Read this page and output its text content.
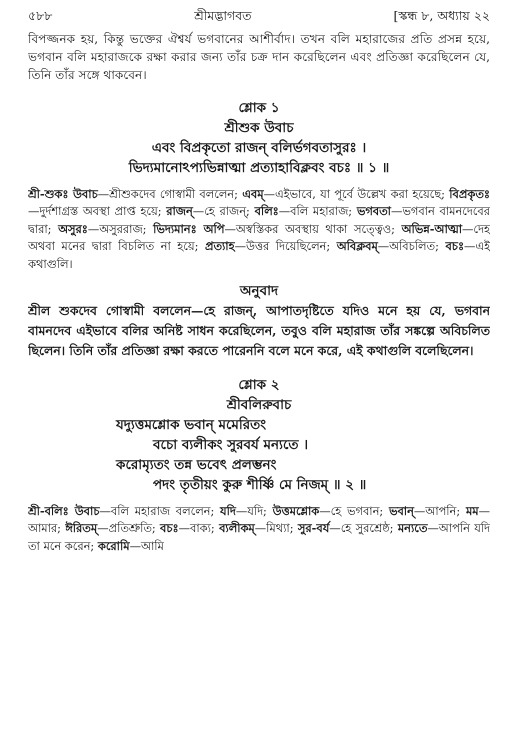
৫৮৮	শ্রীমদ্ভাগবত	[স্কন্ধ ৮, অধ্যায় ২২

বিপজ্জনক হয়, কিন্তু ভক্তের ঐশ্বর্য ভগবানের আশীর্বাদ। তখন বলি মহারাজের প্রতি প্রসন্ন হয়ে, ভগবান বলি মহারাজকে রক্ষা করার জন্য তাঁর চক্র দান করেছিলেন এবং প্রতিজ্ঞা করেছিলেন যে, তিনি তাঁর সঙ্গে থাকবেন।

শ্লোক ১
শ্রীশুক উবাচ
এবং বিপ্রকৃতো রাজন্ বলির্ভগবতাসুরঃ ।
ভিদ্যমানোঽপ্যভিন্নাত্মা প্রত্যাহাবিক্লবং বচঃ ॥ ১ ॥

শ্রী-শুকঃ উবাচ—শ্রীশুকদেব গোস্বামী বললেন; এবম্—এইভাবে, যা পূর্বে উল্লেখ করা হয়েছে; বিপ্রকৃতঃ—দুর্দশাগ্রস্ত অবস্থা প্রাপ্ত হয়ে; রাজন্—হে রাজন্; বলিঃ—বলি মহারাজ; ভগবতা—ভগবান বামনদেবের দ্বারা; অসুরঃ—অসুররাজ; ভিদ্যমানঃ অপি—অস্বস্তিকর অবস্থায় থাকা সত্ত্বেও; অভিন্ন-আত্মা—দেহ অথবা মনের দ্বারা বিচলিত না হয়ে; প্রত্যাহ—উত্তর দিয়েছিলেন; অবিক্লবম্—অবিচলিত; বচঃ—এই কথাগুলি।

অনুবাদ

শ্রীল শুকদেব গোস্বামী বললেন—হে রাজন্, আপাতদৃষ্টিতে যদিও মনে হয় যে, ভগবান বামনদেব এইভাবে বলির অনিষ্ট সাধন করেছিলেন, তবুও বলি মহারাজ তাঁর সঙ্কল্পে অবিচলিত ছিলেন। তিনি তাঁর প্রতিজ্ঞা রক্ষা করতে পারেননি বলে মনে করে, এই কথাগুলি বলেছিলেন।

শ্লোক ২
শ্রীবলিরুবাচ
যদ্যুত্তমশ্লোক ভবান্ মমেরিতং
বচো ব্যলীকং সুরবর্য মন্যতে ।
করোম্যৃতং তন্ন ভবেৎ প্রলম্ভনং
পদং তৃতীয়ং কুরু শীর্ষ্ণি মে নিজম্ ॥ ২ ॥

শ্রী-বলিঃ উবাচ—বলি মহারাজ বললেন; যদি—যদি; উত্তমশ্লোক—হে ভগবান; ভবান্—আপনি; মম—আমার; ঈরিতম্—প্রতিশ্রুতি; বচঃ—বাক্য; ব্যলীকম্—মিথ্যা; সুর-বর্য—হে সুরশ্রেষ্ঠ; মন্যতে—আপনি যদি তা মনে করেন; করোমি—আমি
